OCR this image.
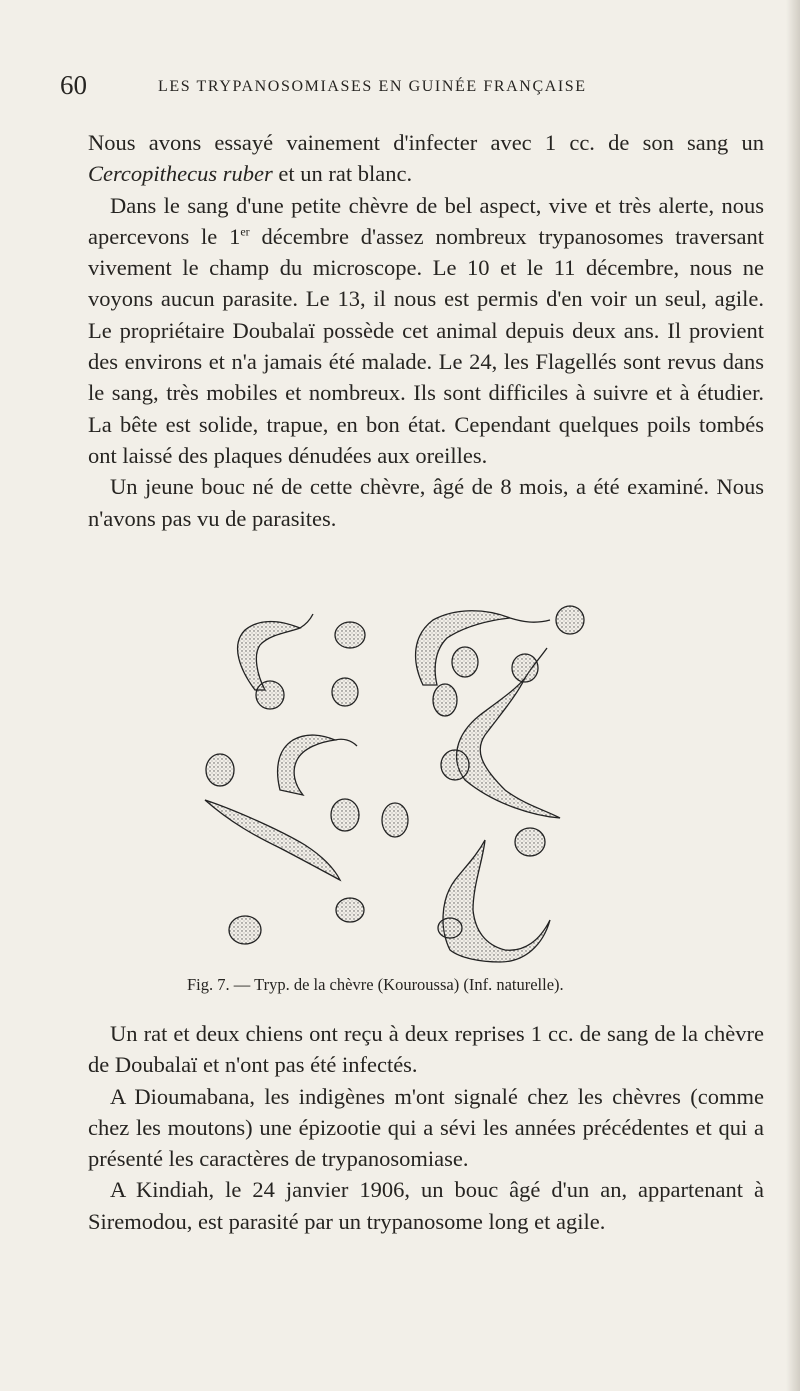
60	LES TRYPANOSOMIASES EN GUINÉE FRANÇAISE

Nous avons essayé vainement d'infecter avec 1 cc. de son sang un Cercopithecus ruber et un rat blanc.

Dans le sang d'une petite chèvre de bel aspect, vive et très alerte, nous apercevons le 1er décembre d'assez nombreux trypanosomes traversant vivement le champ du microscope. Le 10 et le 11 décembre, nous ne voyons aucun parasite. Le 13, il nous est permis d'en voir un seul, agile. Le propriétaire Doubalaï possède cet animal depuis deux ans. Il provient des environs et n'a jamais été malade. Le 24, les Flagellés sont revus dans le sang, très mobiles et nombreux. Ils sont difficiles à suivre et à étudier. La bête est solide, trapue, en bon état. Cependant quelques poils tombés ont laissé des plaques dénudées aux oreilles.

Un jeune bouc né de cette chèvre, âgé de 8 mois, a été examiné. Nous n'avons pas vu de parasites.

Fig. 7. — Tryp. de la chèvre (Kouroussa) (Inf. naturelle).

Un rat et deux chiens ont reçu à deux reprises 1 cc. de sang de la chèvre de Doubalaï et n'ont pas été infectés.

A Dioumabana, les indigènes m'ont signalé chez les chèvres (comme chez les moutons) une épizootie qui a sévi les années précédentes et qui a présenté les caractères de trypanosomiase.

A Kindiah, le 24 janvier 1906, un bouc âgé d'un an, appartenant à Siremodou, est parasité par un trypanosome long et agile.
